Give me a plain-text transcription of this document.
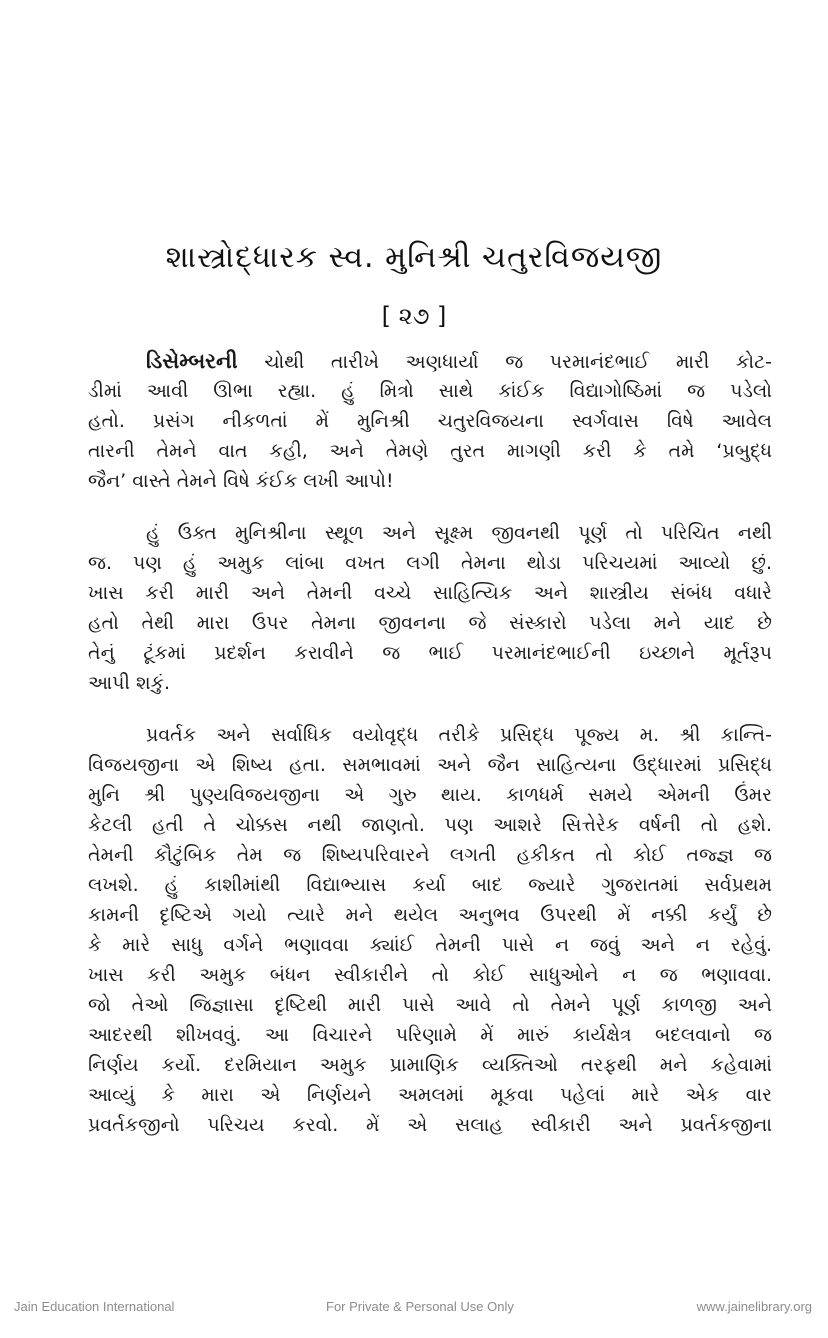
શાસ્ત્રોદ્ધારક સ્વ. મુનિશ્રી ચતુરવિજયજી
[ ૨૭ ]
ડિસેમ્બરની ચોથી તારીખે અણધાર્યા જ પરમાનંદભાઈ મારી કોટ-
ડીમાં આવી ઊભા રહ્યા. હું મિત્રો સાથે કાંઈક વિદ્યાગોષ્ઠિમાં જ પડેલો
હતો. પ્રસંગ નીકળતાં મેં મુનિશ્રી ચતુરવિજયના સ્વર્ગવાસ વિષે આવેલ
તારની તેમને વાત કહી, અને તેમણે તુરત માગણી કરી કે તમે ‘પ્રબુદ્ધ
જૈન’ વાસ્તે તેમને વિષે કંઈક લખી આપો!
હું ઉક્ત મુનિશ્રીના સ્થૂળ અને સૂક્ષ્મ જીવનથી પૂર્ણ તો પરિચિત નથી
જ. પણ હું અમુક લાંબા વખત લગી તેમના થોડા પરિચયમાં આવ્યો છું.
ખાસ કરી મારી અને તેમની વચ્ચે સાહિત્યિક અને શાસ્ત્રીય સંબંધ વધારે
હતો તેથી મારા ઉપર તેમના જીવનના જે સંસ્કારો પડેલા મને યાદ છે
તેનું ટૂંકમાં પ્રદર્શન કરાવીને જ ભાઈ પરમાનંદભાઈની ઇચ્છાને મૂર્તરૂપ
આપી શકું.
પ્રવર્તક અને સર્વાધિક વયોવૃદ્ધ તરીકે પ્રસિદ્ધ પૂજ્ય મ. શ્રી કાન્તિ-
વિજયજીના એ શિષ્ય હતા. સમભાવમાં અને જૈન સાહિત્યના ઉદ્ધારમાં પ્રસિદ્ધ
મુનિ શ્રી પુણ્યવિજયજીના એ ગુરુ થાય. કાળધર્મ સમયે એમની ઉંમર
કેટલી હતી તે ચોક્કસ નથી જાણતો. પણ આશરે સિત્તેરેક વર્ષની તો હશે.
તેમની કૌટુંબિક તેમ જ શિષ્યપરિવારને લગતી હકીકત તો કોઈ તજ્જ્ઞ જ
લખશે. હું કાશીમાંથી વિદ્યાભ્યાસ કર્યા બાદ જ્યારે ગુજરાતમાં સર્વપ્રથમ
કામની દૃષ્ટિએ ગયો ત્યારે મને થયેલ અનુભવ ઉપરથી મેં નક્કી કર્યું છે
કે મારે સાધુ વર્ગને ભણાવવા ક્યાંઈ તેમની પાસે ન જવું અને ન રહેવું.
ખાસ કરી અમુક બંધન સ્વીકારીને તો કોઈ સાધુઓને ન જ ભણાવવા.
જો તેઓ જિજ્ઞાસા દૃષ્ટિથી મારી પાસે આવે તો તેમને પૂર્ણ કાળજી અને
આદરથી શીખવવું. આ વિચારને પરિણામે મેં મારું કાર્યક્ષેત્ર બદલવાનો જ
નિર્ણય કર્યો. દરમિયાન અમુક પ્રામાણિક વ્યક્તિઓ તરફથી મને કહેવામાં
આવ્યું કે મારા એ નિર્ણયને અમલમાં મૂકવા પહેલાં મારે એક વાર
પ્રવર્તકજીનો પરિચય કરવો. મેં એ સલાહ સ્વીકારી અને પ્રવર્તકજીના
Jain Education International	For Private & Personal Use Only	www.jainelibrary.org
